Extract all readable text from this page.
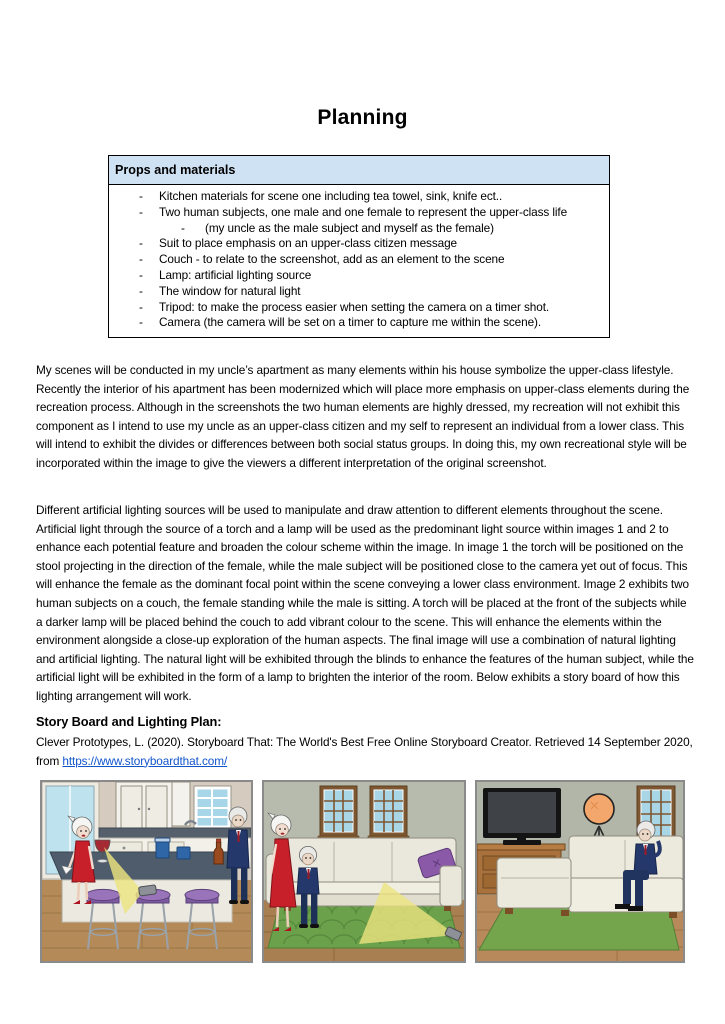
Planning
Props and materials
-	Kitchen materials for scene one including tea towel, sink, knife ect..
-	Two human subjects, one male and one female to represent the upper-class life
-	(my uncle as the male subject and myself as the female)
-	Suit to place emphasis on an upper-class citizen message
-	Couch - to relate to the screenshot, add as an element to the scene
-	Lamp: artificial lighting source
-	The window for natural light
-	Tripod: to make the process easier when setting the camera on a timer shot.
-	Camera (the camera will be set on a timer to capture me within the scene).
My scenes will be conducted in my uncle’s apartment as many elements within his house symbolize the upper-class lifestyle. Recently the interior of his apartment has been modernized which will place more emphasis on upper-class elements during the recreation process. Although in the screenshots the two human elements are highly dressed, my recreation will not exhibit this component as I intend to use my uncle as an upper-class citizen and my self to represent an individual from a lower class. This will intend to exhibit the divides or differences between both social status groups. In doing this, my own recreational style will be incorporated within the image to give the viewers a different interpretation of the original screenshot.
Different artificial lighting sources will be used to manipulate and draw attention to different elements throughout the scene. Artificial light through the source of a torch and a lamp will be used as the predominant light source within images 1 and 2 to enhance each potential feature and broaden the colour scheme within the image. In image 1 the torch will be positioned on the stool projecting in the direction of the female, while the male subject will be positioned close to the camera yet out of focus. This will enhance the female as the dominant focal point within the scene conveying a lower class environment. Image 2 exhibits two human subjects on a couch, the female standing while the male is sitting. A torch will be placed at the front of the subjects while a darker lamp will be placed behind the couch to add vibrant colour to the scene. This will enhance the elements within the environment alongside a close-up exploration of the human aspects. The final image will use a combination of natural lighting and artificial lighting. The natural light will be exhibited through the blinds to enhance the features of the human subject, while the artificial light will be exhibited in the form of a lamp to brighten the interior of the room. Below exhibits a story board of how this lighting arrangement will work.
Story Board and Lighting Plan:
Clever Prototypes, L. (2020). Storyboard That: The World's Best Free Online Storyboard Creator. Retrieved 14 September 2020, from https://www.storyboardthat.com/
